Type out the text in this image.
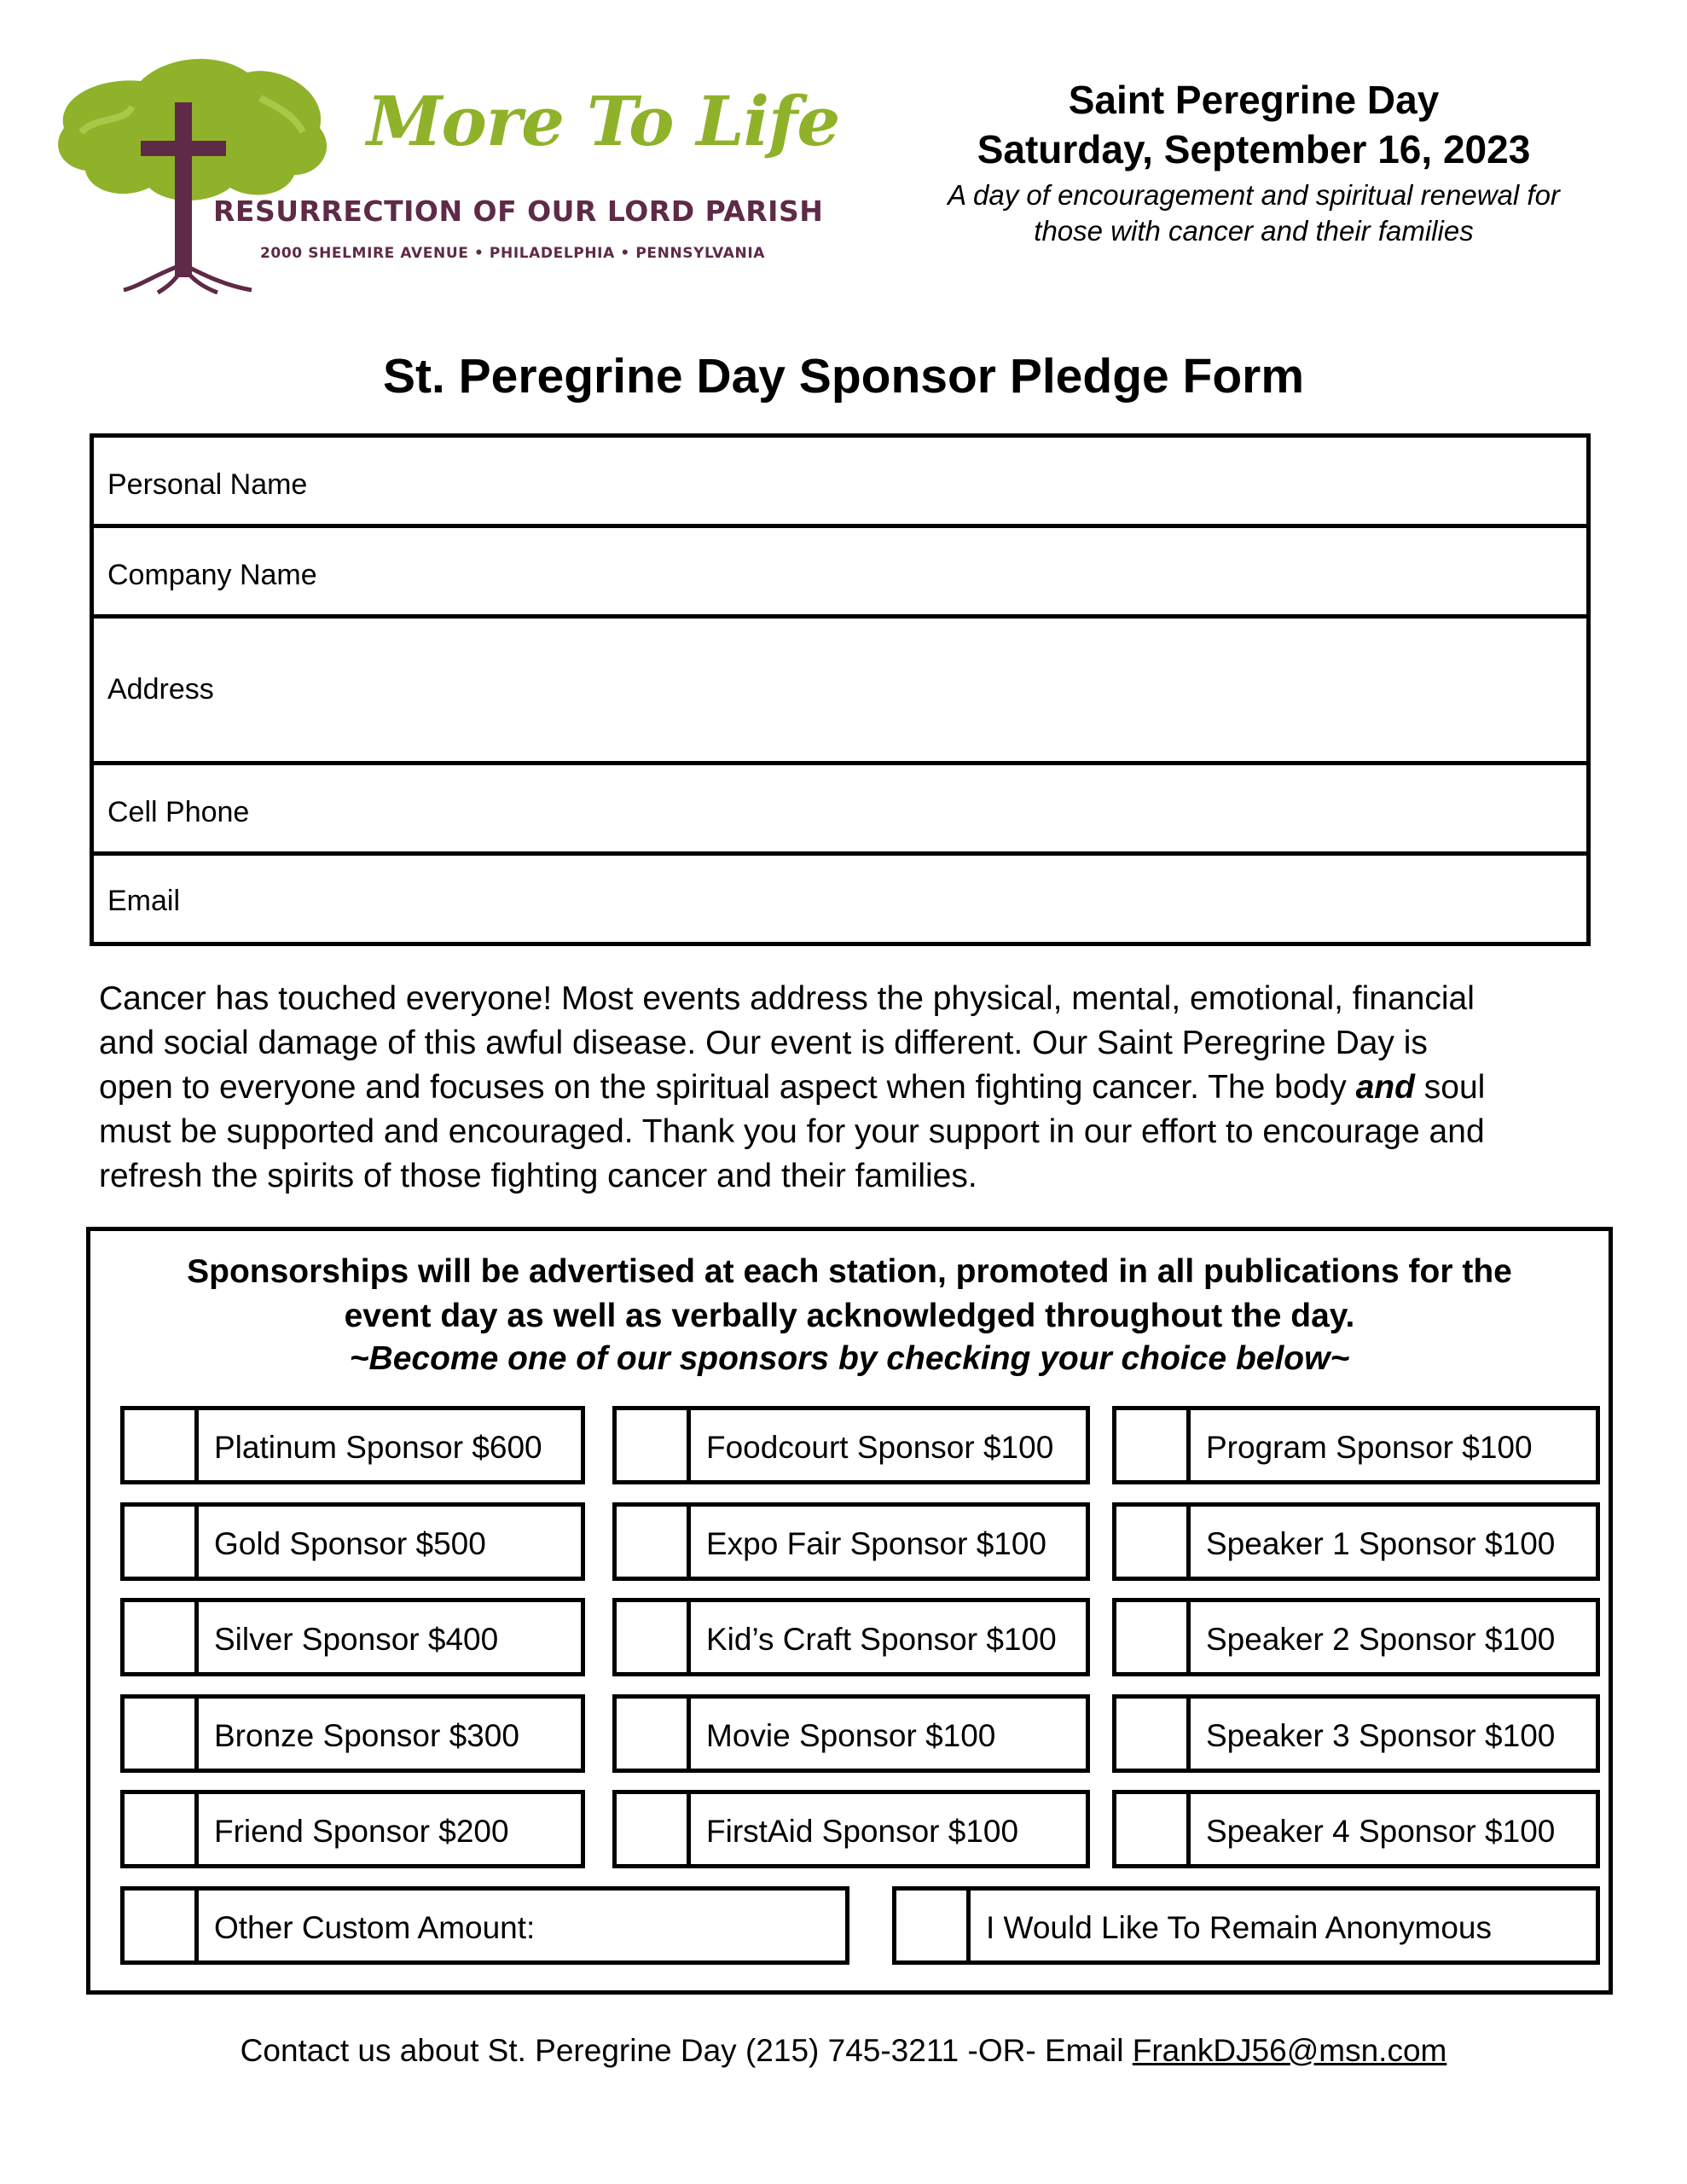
More To Life
RESURRECTION OF OUR LORD PARISH
2000 SHELMIRE AVENUE • PHILADELPHIA • PENNSYLVANIA
Saint Peregrine Day
Saturday, September 16, 2023
A day of encouragement and spiritual renewal for
those with cancer and their families
St. Peregrine Day Sponsor Pledge Form
Personal Name
Company Name
Address
Cell Phone
Email
Cancer has touched everyone! Most events address the physical, mental, emotional, financial
and social damage of this awful disease. Our event is different. Our Saint Peregrine Day is
open to everyone and focuses on the spiritual aspect when fighting cancer. The body and soul
must be supported and encouraged. Thank you for your support in our effort to encourage and
refresh the spirits of those fighting cancer and their families.
Sponsorships will be advertised at each station, promoted in all publications for the
event day as well as verbally acknowledged throughout the day.
~Become one of our sponsors by checking your choice below~
Platinum Sponsor $600
Gold Sponsor $500
Silver Sponsor $400
Bronze Sponsor $300
Friend Sponsor $200
Foodcourt Sponsor $100
Expo Fair Sponsor $100
Kid’s Craft Sponsor $100
Movie Sponsor $100
FirstAid Sponsor $100
Program Sponsor $100
Speaker 1 Sponsor $100
Speaker 2 Sponsor $100
Speaker 3 Sponsor $100
Speaker 4 Sponsor $100
Other Custom Amount:	I Would Like To Remain Anonymous
Contact us about St. Peregrine Day (215) 745-3211 -OR- Email FrankDJ56@msn.com
